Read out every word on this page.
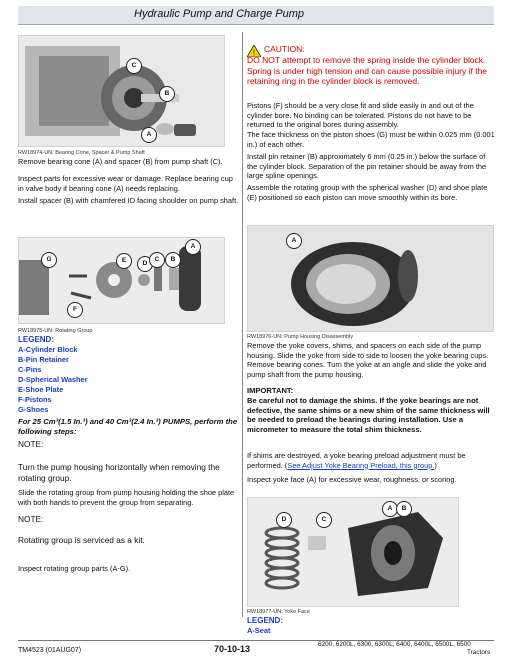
Hydraulic Pump and Charge Pump
C
B
A
RW18974-UN: Bearing Cone, Spacer & Pump Shaft
Remove bearing cone (A) and spacer (B) from pump shaft (C).
Inspect parts for excessive wear or damage. Replace bearing cup in valve body if bearing cone (A) needs replacing.
Install spacer (B) with chamfered ID facing shoulder on pump shaft.
G
F
E	D
C	B
A
RW18975-UN: Rotating Group
LEGEND:
A-Cylinder Block
B-Pin Retainer
C-Pins
D-Spherical Washer
E-Shoe Plate
F-Pistons
G-Shoes
For 25 Cm³(1.5 In.³) and 40 Cm³(2.4 In.³) PUMPS, perform the following steps:
NOTE:
Turn the pump housing horizontally when removing the rotating group.
Slide the rotating group from pump housing holding the shoe plate with both hands to prevent the group from separating.
NOTE:
Rotating group is serviced as a kit.
Inspect rotating group parts (A-G).
! CAUTION:
DO NOT attempt to remove the spring inside the cylinder block. Spring is under high tension and can cause possible injury if the retaining ring in the cylinder block is removed.
Pistons (F) should be a very close fit and slide easily in and out of the cylinder bore. No binding can be tolerated. Pistons do not have to be returned to the original bores during assembly.
The face thickness on the piston shoes (G) must be within 0.025 mm (0.001 in.) of each other.
Install pin retainer (B) approximately 6 mm (0.25 in.) below the surface of the cylinder block. Separation of the pin retainer should be away from the large spline openings.
Assemble the rotating group with the spherical washer (D) and shoe plate (E) positioned so each piston can move smoothly within its bore.
A
RW18976-UN: Pump Housing Disassembly
Remove the yoke covers, shims, and spacers on each side of the pump housing. Slide the yoke from side to side to loosen the yoke bearing cups. Remove bearing cones. Turn the yoke at an angle and slide the yoke and pump shaft from the pump housing.
IMPORTANT:
Be careful not to damage the shims. If the yoke bearings are not defective, the same shims or a new shim of the same thickness will be needed to preload the bearings during installation. Use a micrometer to measure the total shim thickness.
If shims are destroyed, a yoke bearing preload adjustment must be performed. (See Adjust Yoke Bearing Preload, this group.)
Inspect yoke face (A) for excessive wear, roughness, or scoring.
A	B
D	C
RW18977-UN: Yoke Face
LEGEND:
A-Seat
TM4523 (01AUG07)	70-10-13	6200, 6200L, 6300, 6300L, 6400, 6400L, 6500L, 6500
Tractors
